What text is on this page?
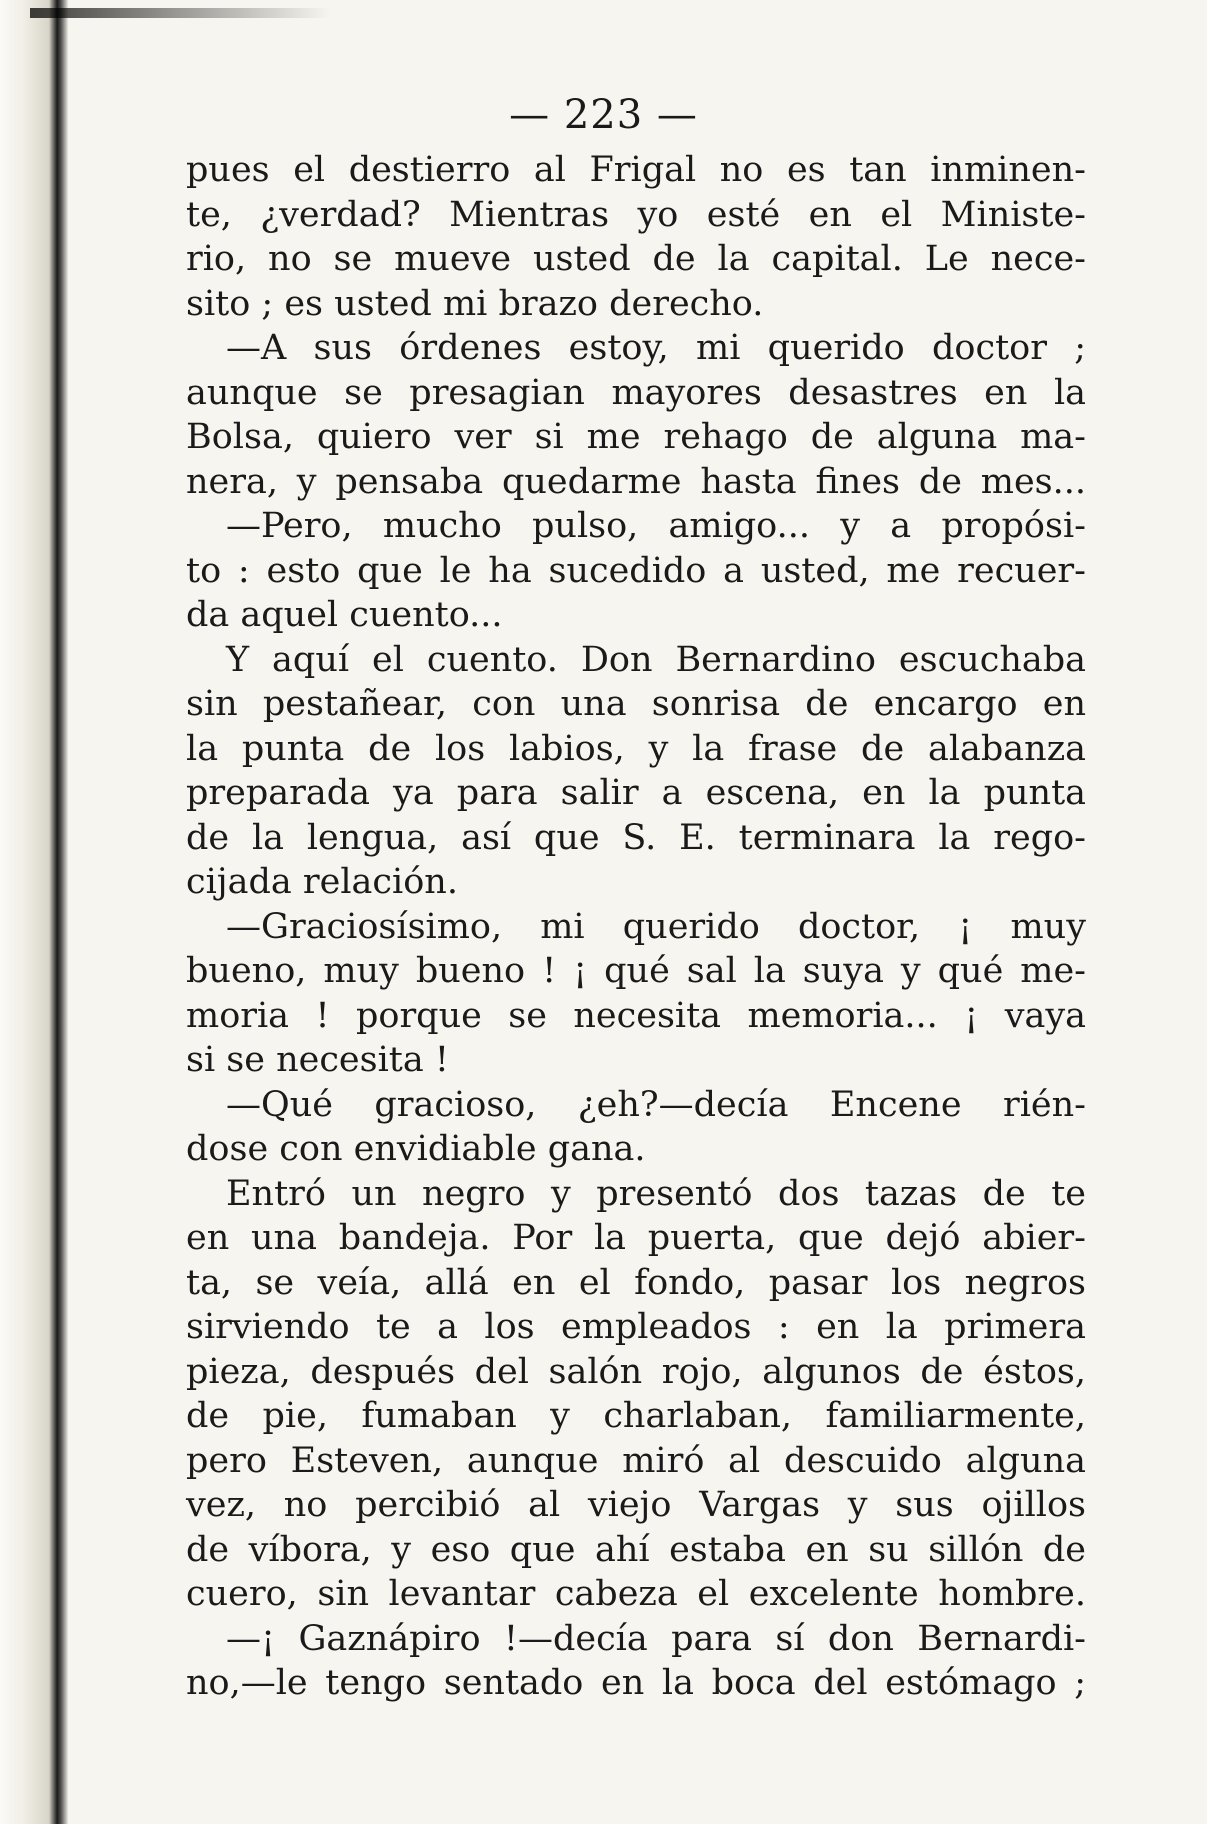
— 223 —
pues el destierro al Frigal no es tan inminen-
te, ¿verdad? Mientras yo esté en el Ministe-
rio, no se mueve usted de la capital. Le nece-
sito ; es usted mi brazo derecho.
—A sus órdenes estoy, mi querido doctor ;
aunque se presagian mayores desastres en la
Bolsa, quiero ver si me rehago de alguna ma-
nera, y pensaba quedarme hasta fines de mes...
—Pero, mucho pulso, amigo... y a propósi-
to : esto que le ha sucedido a usted, me recuer-
da aquel cuento...
Y aquí el cuento. Don Bernardino escuchaba
sin pestañear, con una sonrisa de encargo en
la punta de los labios, y la frase de alabanza
preparada ya para salir a escena, en la punta
de la lengua, así que S. E. terminara la rego-
cijada relación.
—Graciosísimo, mi querido doctor, ¡ muy
bueno, muy bueno ! ¡ qué sal la suya y qué me-
moria ! porque se necesita memoria... ¡ vaya
si se necesita !
—Qué gracioso, ¿eh?—decía Encene rién-
dose con envidiable gana.
Entró un negro y presentó dos tazas de te
en una bandeja. Por la puerta, que dejó abier-
ta, se veía, allá en el fondo, pasar los negros
sirviendo te a los empleados : en la primera
pieza, después del salón rojo, algunos de éstos,
de pie, fumaban y charlaban, familiarmente,
pero Esteven, aunque miró al descuido alguna
vez, no percibió al viejo Vargas y sus ojillos
de víbora, y eso que ahí estaba en su sillón de
cuero, sin levantar cabeza el excelente hombre.
—¡ Gaznápiro !—decía para sí don Bernardi-
no,—le tengo sentado en la boca del estómago ;
